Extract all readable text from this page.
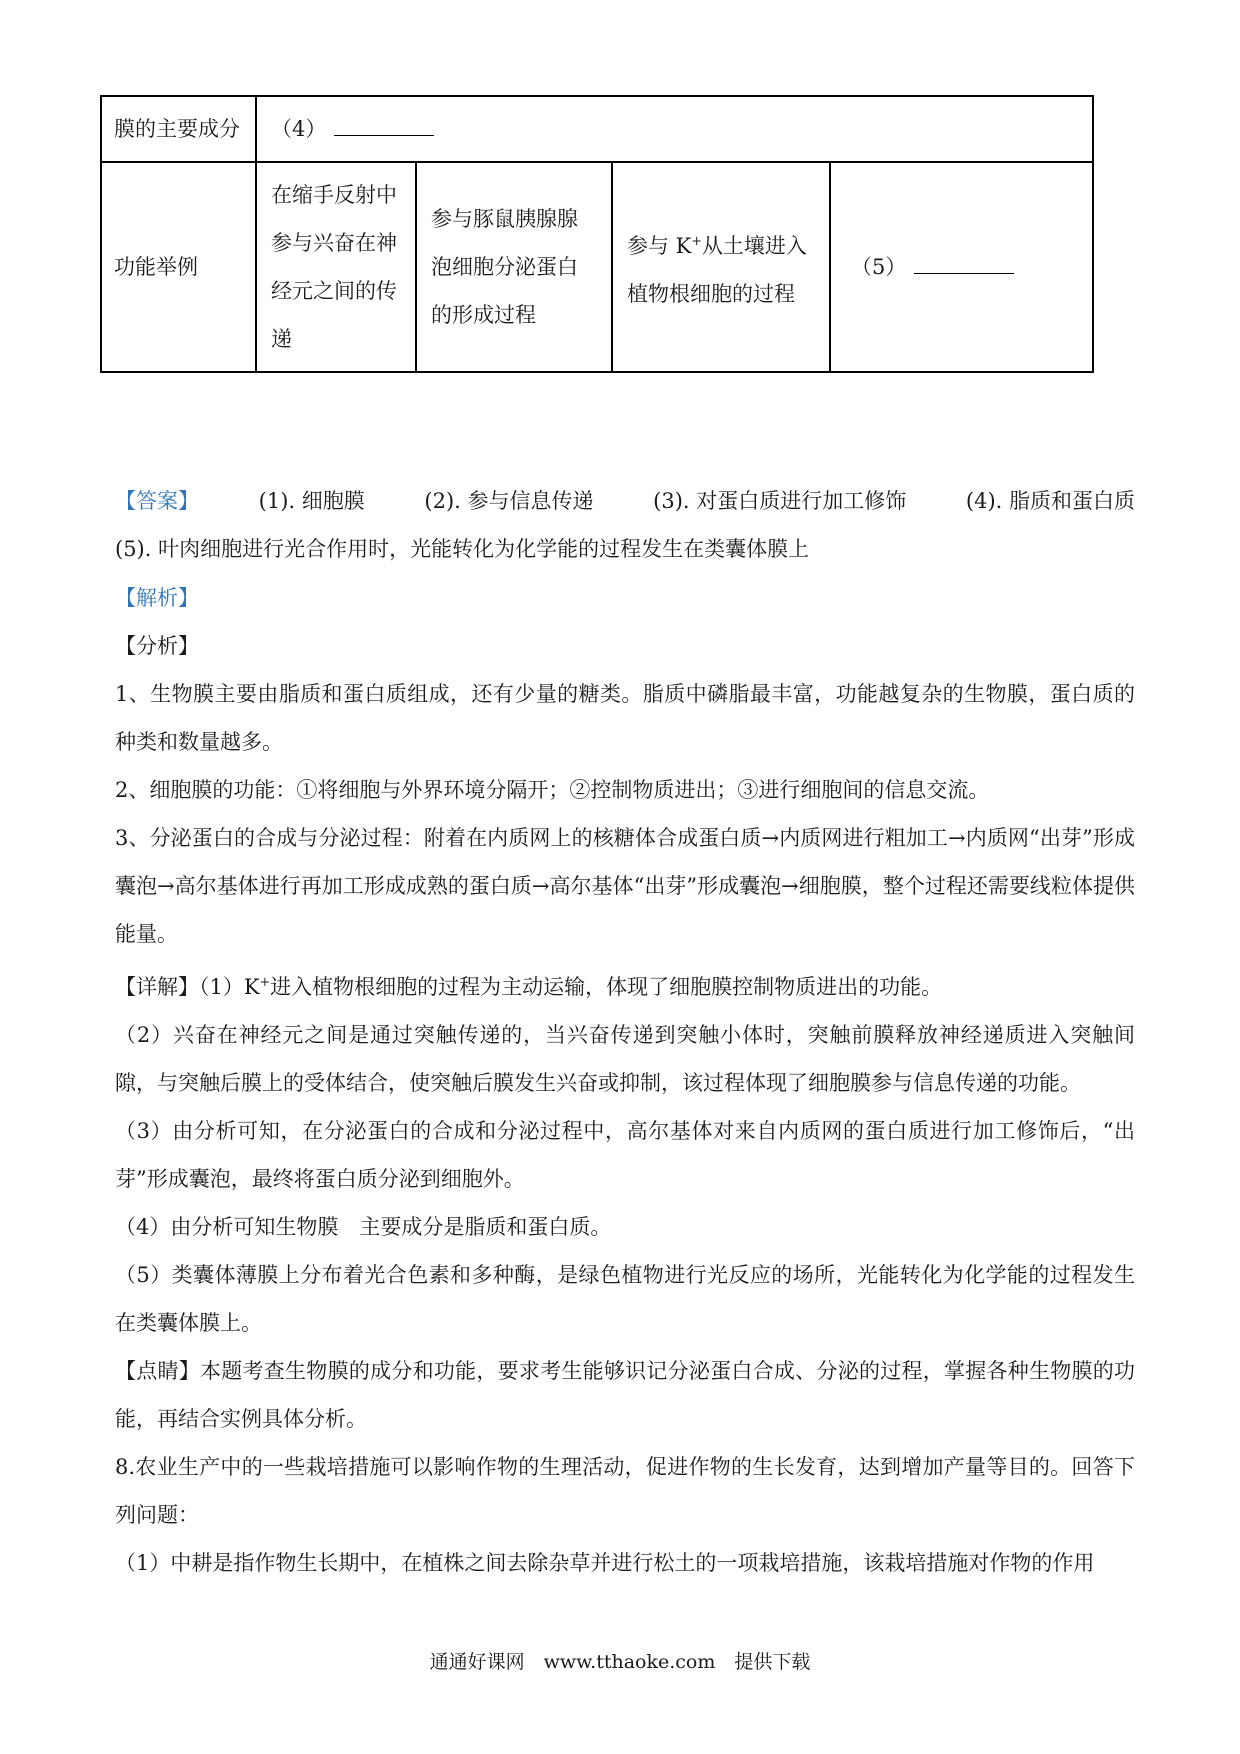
膜的主要成分	（4）			
功能举例	在缩手反射中参与兴奋在神经元之间的传递	参与豚鼠胰腺腺泡细胞分泌蛋白的形成过程	参与 K+从土壤进入植物根细胞的过程	（5）
【答案】	(1). 细胞膜	(2). 参与信息传递	(3). 对蛋白质进行加工修饰	(4). 脂质和蛋白质
(5). 叶肉细胞进行光合作用时，光能转化为化学能的过程发生在类囊体膜上
【解析】
【分析】
1、生物膜主要由脂质和蛋白质组成，还有少量的糖类。脂质中磷脂最丰富，功能越复杂的生物膜，蛋白质的种类和数量越多。
2、细胞膜的功能：①将细胞与外界环境分隔开；②控制物质进出；③进行细胞间的信息交流。
3、分泌蛋白的合成与分泌过程：附着在内质网上的核糖体合成蛋白质→内质网进行粗加工→内质网“出芽”形成囊泡→高尔基体进行再加工形成成熟的蛋白质→高尔基体“出芽”形成囊泡→细胞膜，整个过程还需要线粒体提供能量。
【详解】（1）K+进入植物根细胞的过程为主动运输，体现了细胞膜控制物质进出的功能。
（2）兴奋在神经元之间是通过突触传递的，当兴奋传递到突触小体时，突触前膜释放神经递质进入突触间隙，与突触后膜上的受体结合，使突触后膜发生兴奋或抑制，该过程体现了细胞膜参与信息传递的功能。
（3）由分析可知，在分泌蛋白的合成和分泌过程中，高尔基体对来自内质网的蛋白质进行加工修饰后，“出芽”形成囊泡，最终将蛋白质分泌到细胞外。
（4）由分析可知生物膜　主要成分是脂质和蛋白质。
（5）类囊体薄膜上分布着光合色素和多种酶，是绿色植物进行光反应的场所，光能转化为化学能的过程发生在类囊体膜上。
【点睛】本题考查生物膜的成分和功能，要求考生能够识记分泌蛋白合成、分泌的过程，掌握各种生物膜的功能，再结合实例具体分析。
8.农业生产中的一些栽培措施可以影响作物的生理活动，促进作物的生长发育，达到增加产量等目的。回答下列问题：
（1）中耕是指作物生长期中，在植株之间去除杂草并进行松土的一项栽培措施，该栽培措施对作物的作用
通通好课网　www.tthaoke.com　提供下载
